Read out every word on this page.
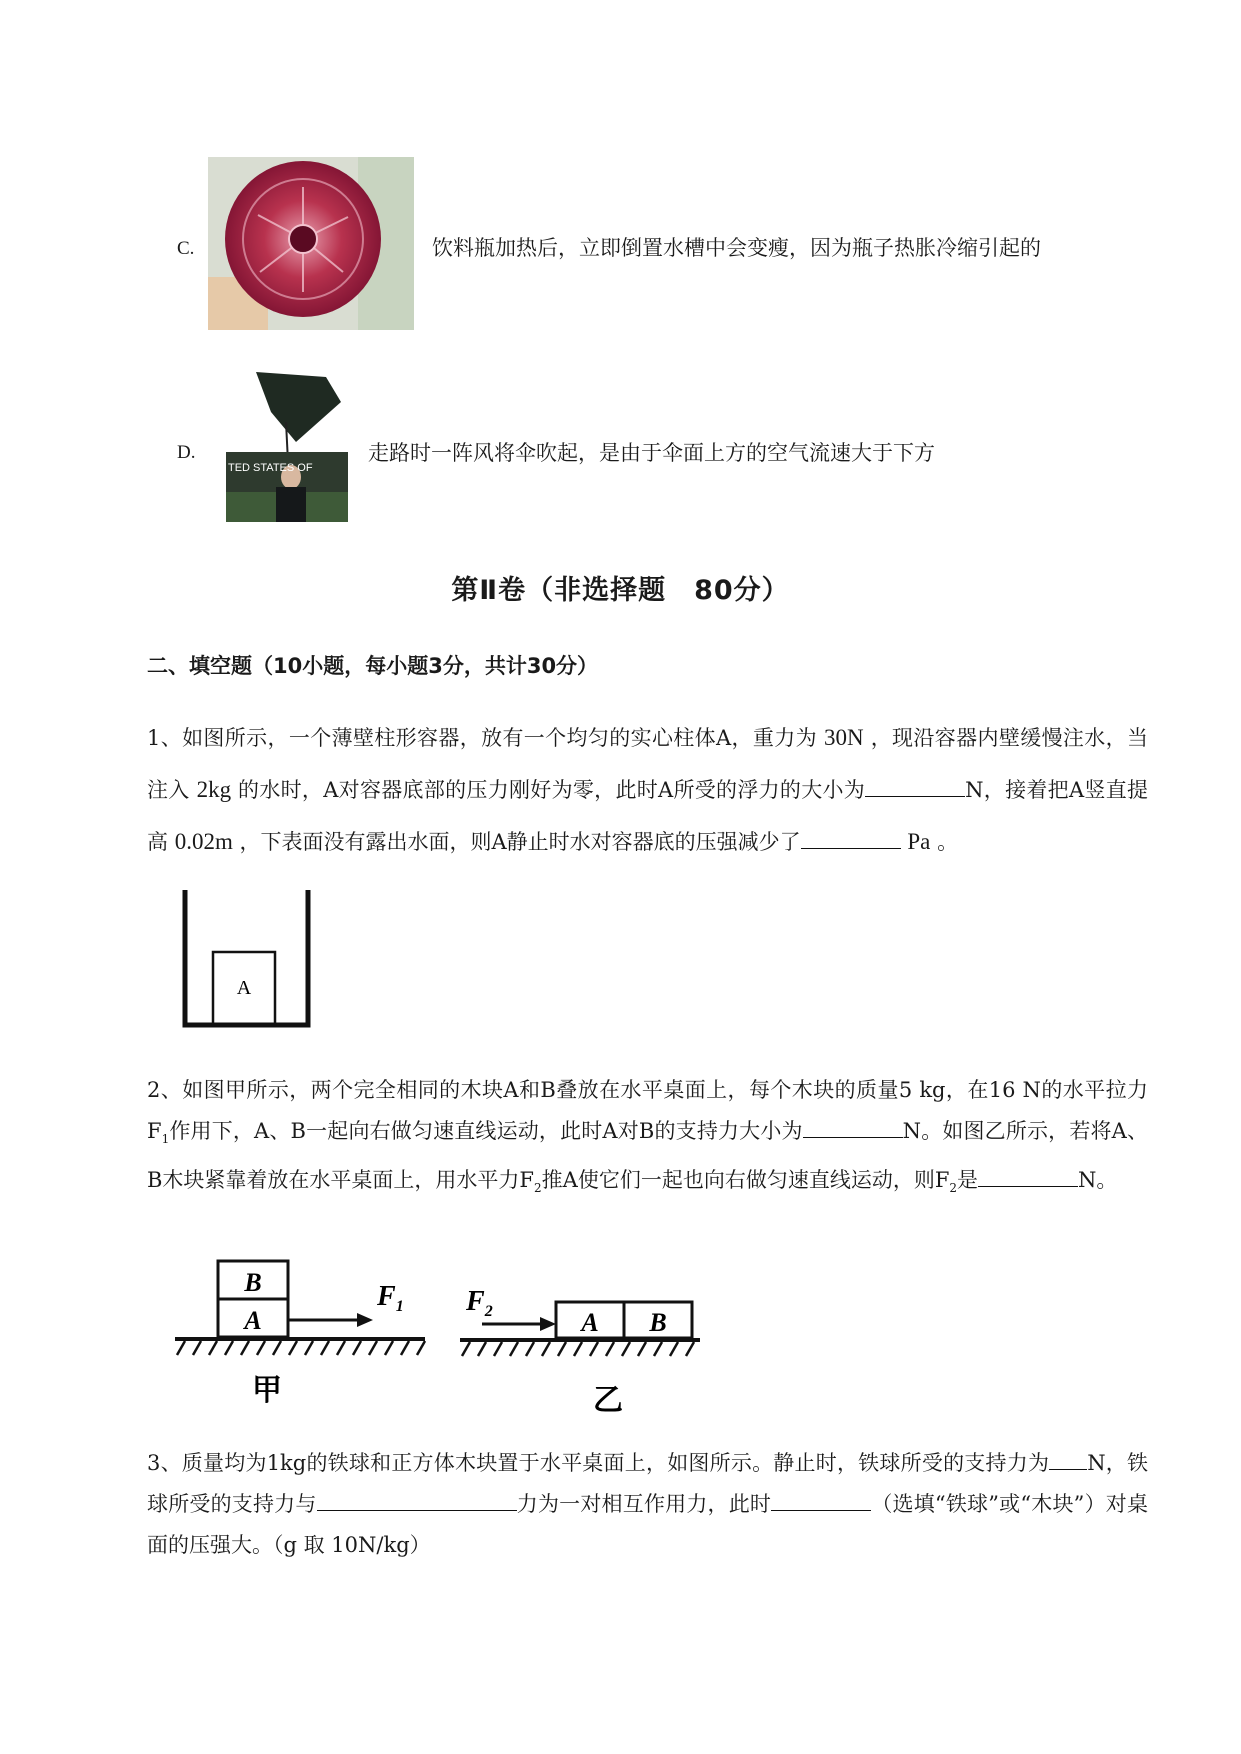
C.	饮料瓶加热后，立即倒置水槽中会变瘦，因为瓶子热胀冷缩引起的
D.
TED STATES OF
走路时一阵风将伞吹起，是由于伞面上方的空气流速大于下方
第Ⅱ卷（非选择题　80分）
二、填空题（10小题，每小题3分，共计30分）
1、如图所示，一个薄壁柱形容器，放有一个均匀的实心柱体A，重力为 30N ，现沿容器内壁缓慢注水，当注入 2kg 的水时，A对容器底部的压力刚好为零，此时A所受的浮力的大小为	N，接着把A竖直提高 0.02m ，下表面没有露出水面，则A静止时水对容器底的压强减少了	Pa 。
A
2、如图甲所示，两个完全相同的木块A和B叠放在水平桌面上，每个木块的质量5 kg，在16 N的水平拉力$F_1$作用下，A、B一起向右做匀速直线运动，此时A对B的支持力大小为	N。如图乙所示，若将A、B木块紧靠着放在水平桌面上，用水平力$F_2$推A使它们一起也向右做匀速直线运动，则$F_2$是	N。
B
A
$F_1$
甲
$F_2$	A B
乙
3、质量均为1kg的铁球和正方体木块置于水平桌面上，如图所示。静止时，铁球所受的支持力为 N，铁球所受的支持力与	力为一对相互作用力，此时	（选填“铁球”或“木块”）对桌面的压强大。（g 取 10N/kg）
